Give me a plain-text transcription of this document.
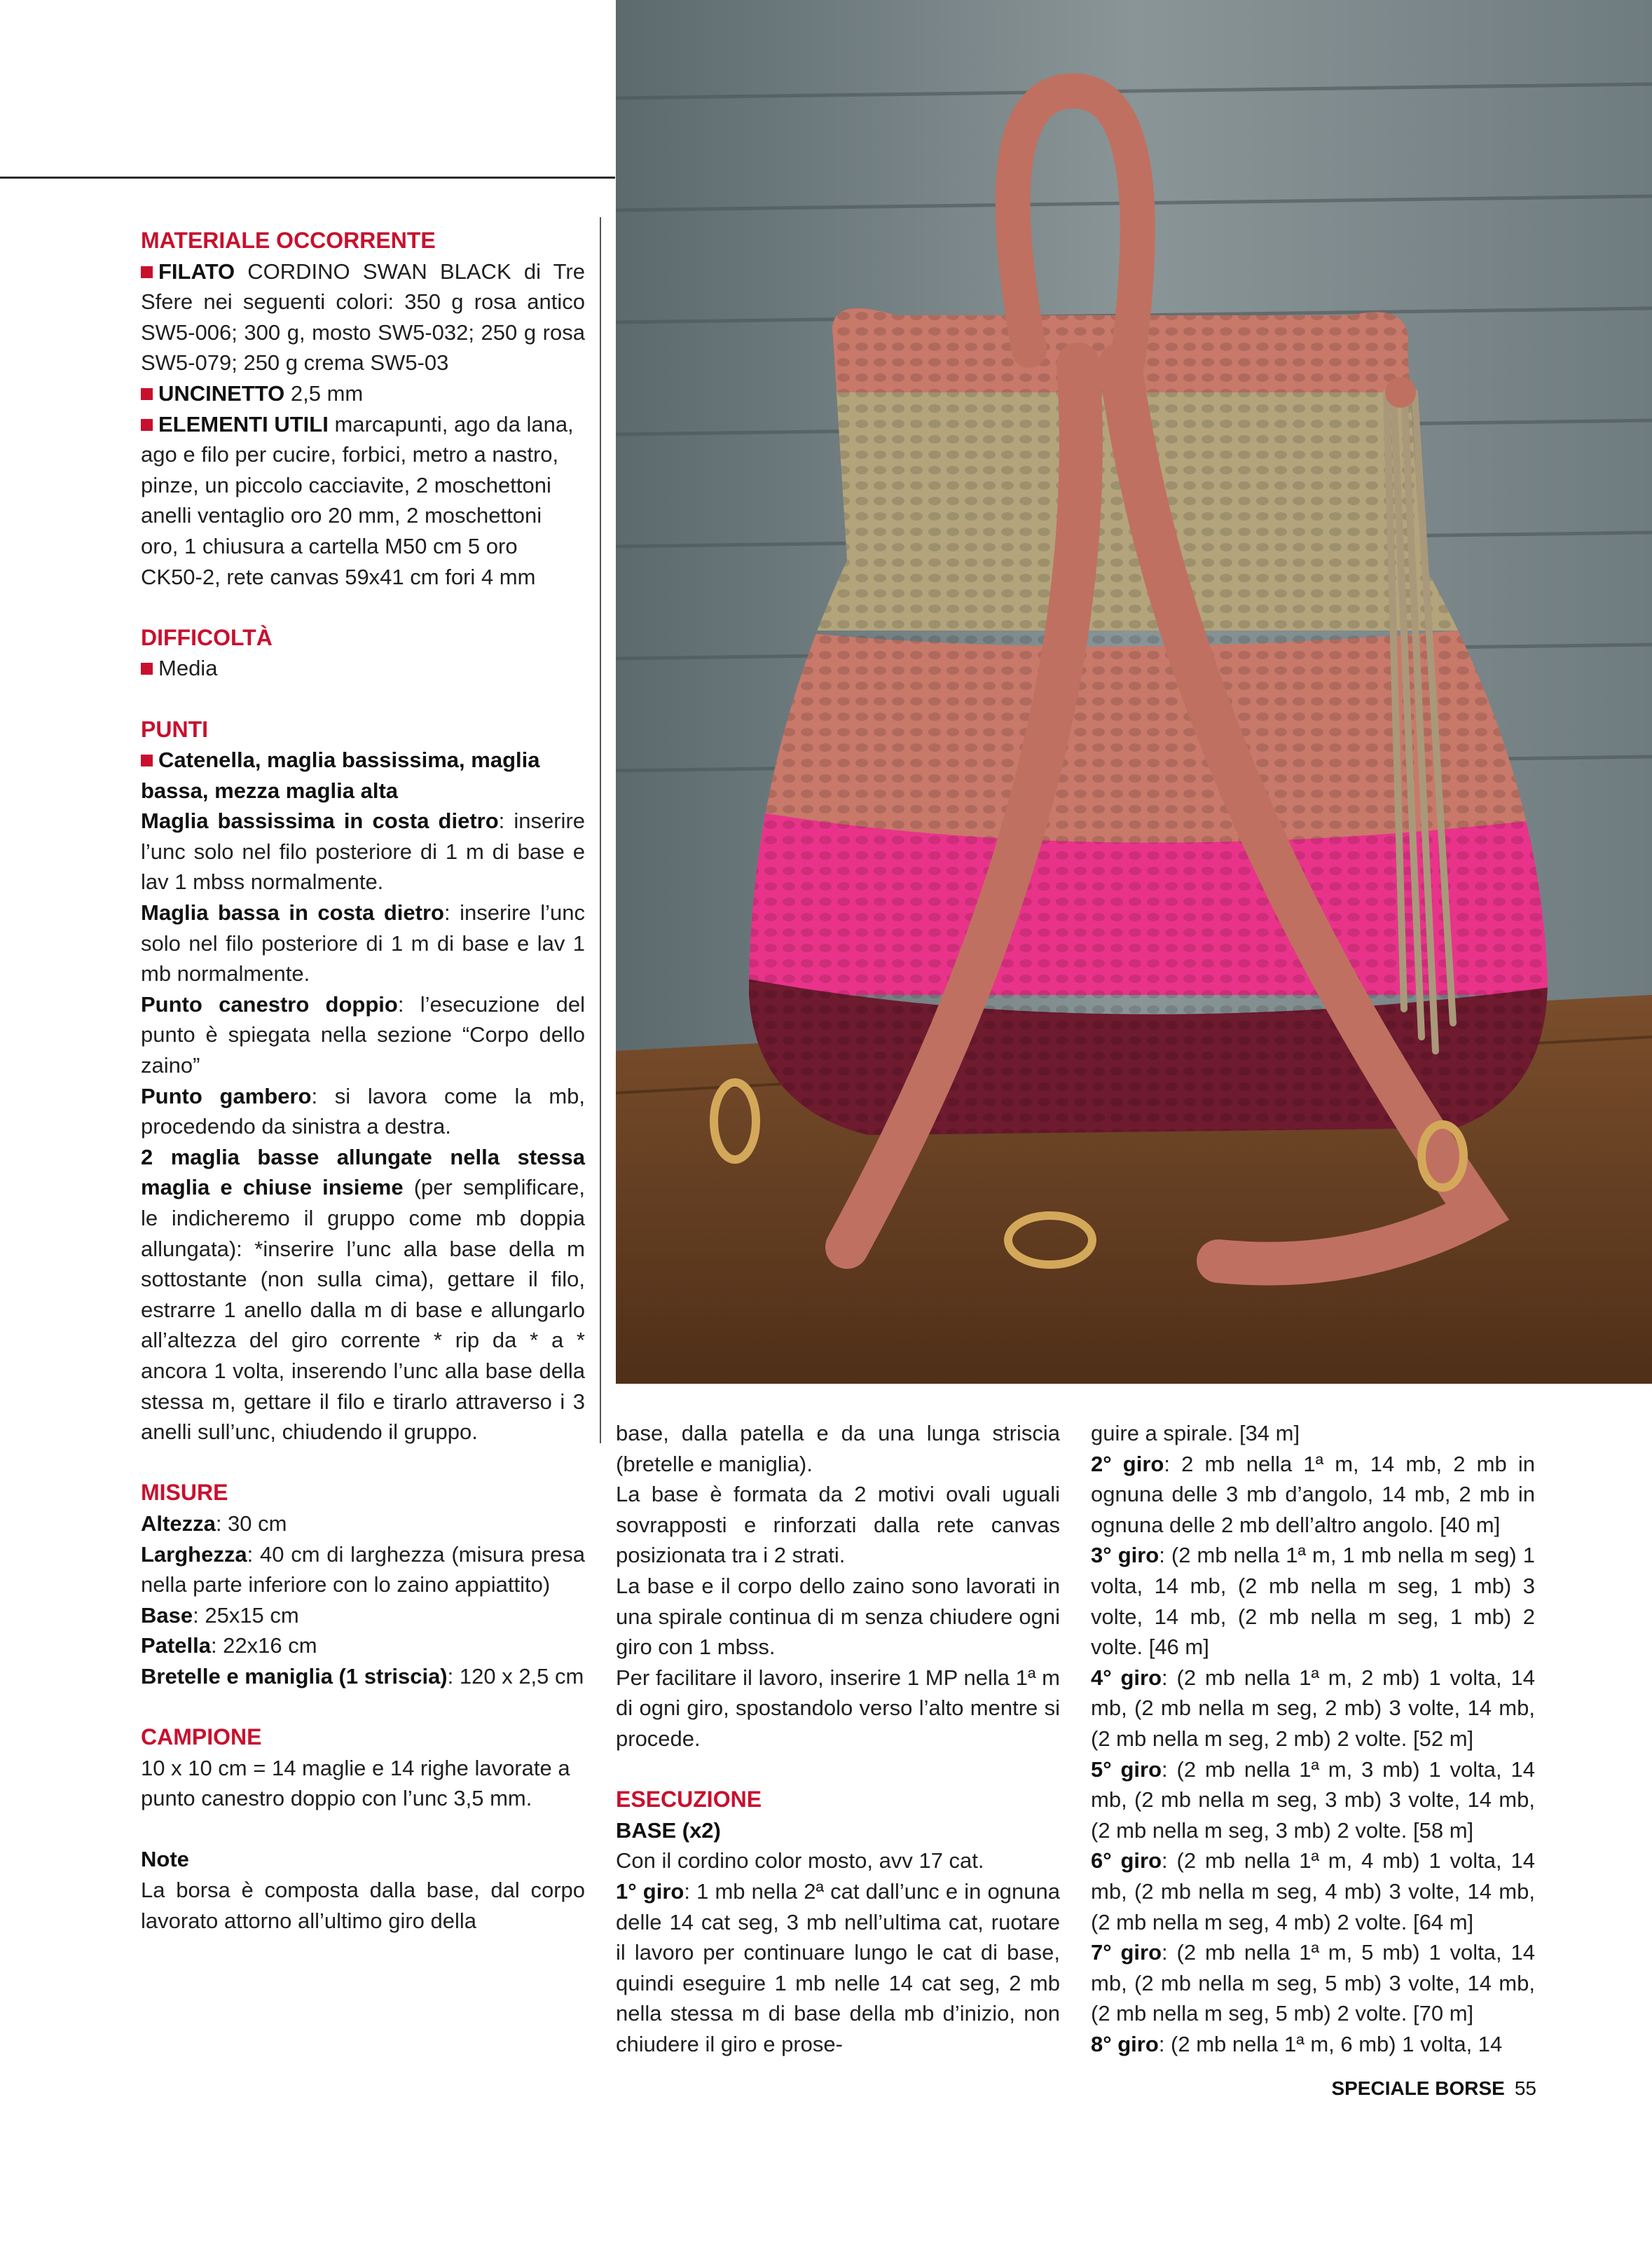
MATERIALE OCCORRENTE

FILATO CORDINO SWAN BLACK di Tre Sfere nei seguenti colori: 350 g rosa antico SW5-006; 300 g, mosto SW5-032; 250 g rosa SW5-079; 250 g crema SW5-03

UNCINETTO 2,5 mm

ELEMENTI UTILI marcapunti, ago da lana, ago e filo per cucire, forbici, metro a nastro, pinze, un piccolo cacciavite, 2 moschettoni anelli ventaglio oro 20 mm, 2 moschettoni oro, 1 chiusura a cartella M50 cm 5 oro CK50-2, rete canvas 59x41 cm fori 4 mm

DIFFICOLTÀ

Media

PUNTI

Catenella, maglia bassissima, maglia bassa, mezza maglia alta

Maglia bassissima in costa dietro: inserire l’unc solo nel filo posteriore di 1 m di base e lav 1 mbss normalmente.

Maglia bassa in costa dietro: inserire l’unc solo nel filo posteriore di 1 m di base e lav 1 mb normalmente.

Punto canestro doppio: l’esecuzione del punto è spiegata nella sezione “Corpo dello zaino”

Punto gambero: si lavora come la mb, procedendo da sinistra a destra.

2 maglia basse allungate nella stessa maglia e chiuse insieme (per semplificare, le indicheremo il gruppo come mb doppia allungata): *inserire l’unc alla base della m sottostante (non sulla cima), gettare il filo, estrarre 1 anello dalla m di base e allungarlo all’altezza del giro corrente * rip da * a * ancora 1 volta, inserendo l’unc alla base della stessa m, gettare il filo e tirarlo attraverso i 3 anelli sull’unc, chiudendo il gruppo.

MISURE

Altezza: 30 cm

Larghezza: 40 cm di larghezza (misura presa nella parte inferiore con lo zaino appiattito)

Base: 25x15 cm

Patella: 22x16 cm

Bretelle e maniglia (1 striscia): 120 x 2,5 cm

CAMPIONE

10 x 10 cm = 14 maglie e 14 righe lavorate a punto canestro doppio con l’unc 3,5 mm.

Note

La borsa è composta dalla base, dal corpo lavorato attorno all’ultimo giro della

base, dalla patella e da una lunga striscia (bretelle e maniglia).

La base è formata da 2 motivi ovali uguali sovrapposti e rinforzati dalla rete canvas posizionata tra i 2 strati.

La base e il corpo dello zaino sono lavorati in una spirale continua di m senza chiudere ogni giro con 1 mbss.

Per facilitare il lavoro, inserire 1 MP nella 1ª m di ogni giro, spostandolo verso l’alto mentre si procede.

ESECUZIONE

BASE (x2)

Con il cordino color mosto, avv 17 cat.

1° giro: 1 mb nella 2ª cat dall’unc e in ognuna delle 14 cat seg, 3 mb nell’ultima cat, ruotare il lavoro per continuare lungo le cat di base, quindi eseguire 1 mb nelle 14 cat seg, 2 mb nella stessa m di base della mb d’inizio, non chiudere il giro e prose-

guire a spirale. [34 m]

2° giro: 2 mb nella 1ª m, 14 mb, 2 mb in ognuna delle 3 mb d’angolo, 14 mb, 2 mb in ognuna delle 2 mb dell’altro angolo. [40 m]

3° giro: (2 mb nella 1ª m, 1 mb nella m seg) 1 volta, 14 mb, (2 mb nella m seg, 1 mb) 3 volte, 14 mb, (2 mb nella m seg, 1 mb) 2 volte. [46 m]

4° giro: (2 mb nella 1ª m, 2 mb) 1 volta, 14 mb, (2 mb nella m seg, 2 mb) 3 volte, 14 mb, (2 mb nella m seg, 2 mb) 2 volte. [52 m]

5° giro: (2 mb nella 1ª m, 3 mb) 1 volta, 14 mb, (2 mb nella m seg, 3 mb) 3 volte, 14 mb, (2 mb nella m seg, 3 mb) 2 volte. [58 m]

6° giro: (2 mb nella 1ª m, 4 mb) 1 volta, 14 mb, (2 mb nella m seg, 4 mb) 3 volte, 14 mb, (2 mb nella m seg, 4 mb) 2 volte. [64 m]

7° giro: (2 mb nella 1ª m, 5 mb) 1 volta, 14 mb, (2 mb nella m seg, 5 mb) 3 volte, 14 mb, (2 mb nella m seg, 5 mb) 2 volte. [70 m]

8° giro: (2 mb nella 1ª m, 6 mb) 1 volta, 14

SPECIALE BORSE 55
